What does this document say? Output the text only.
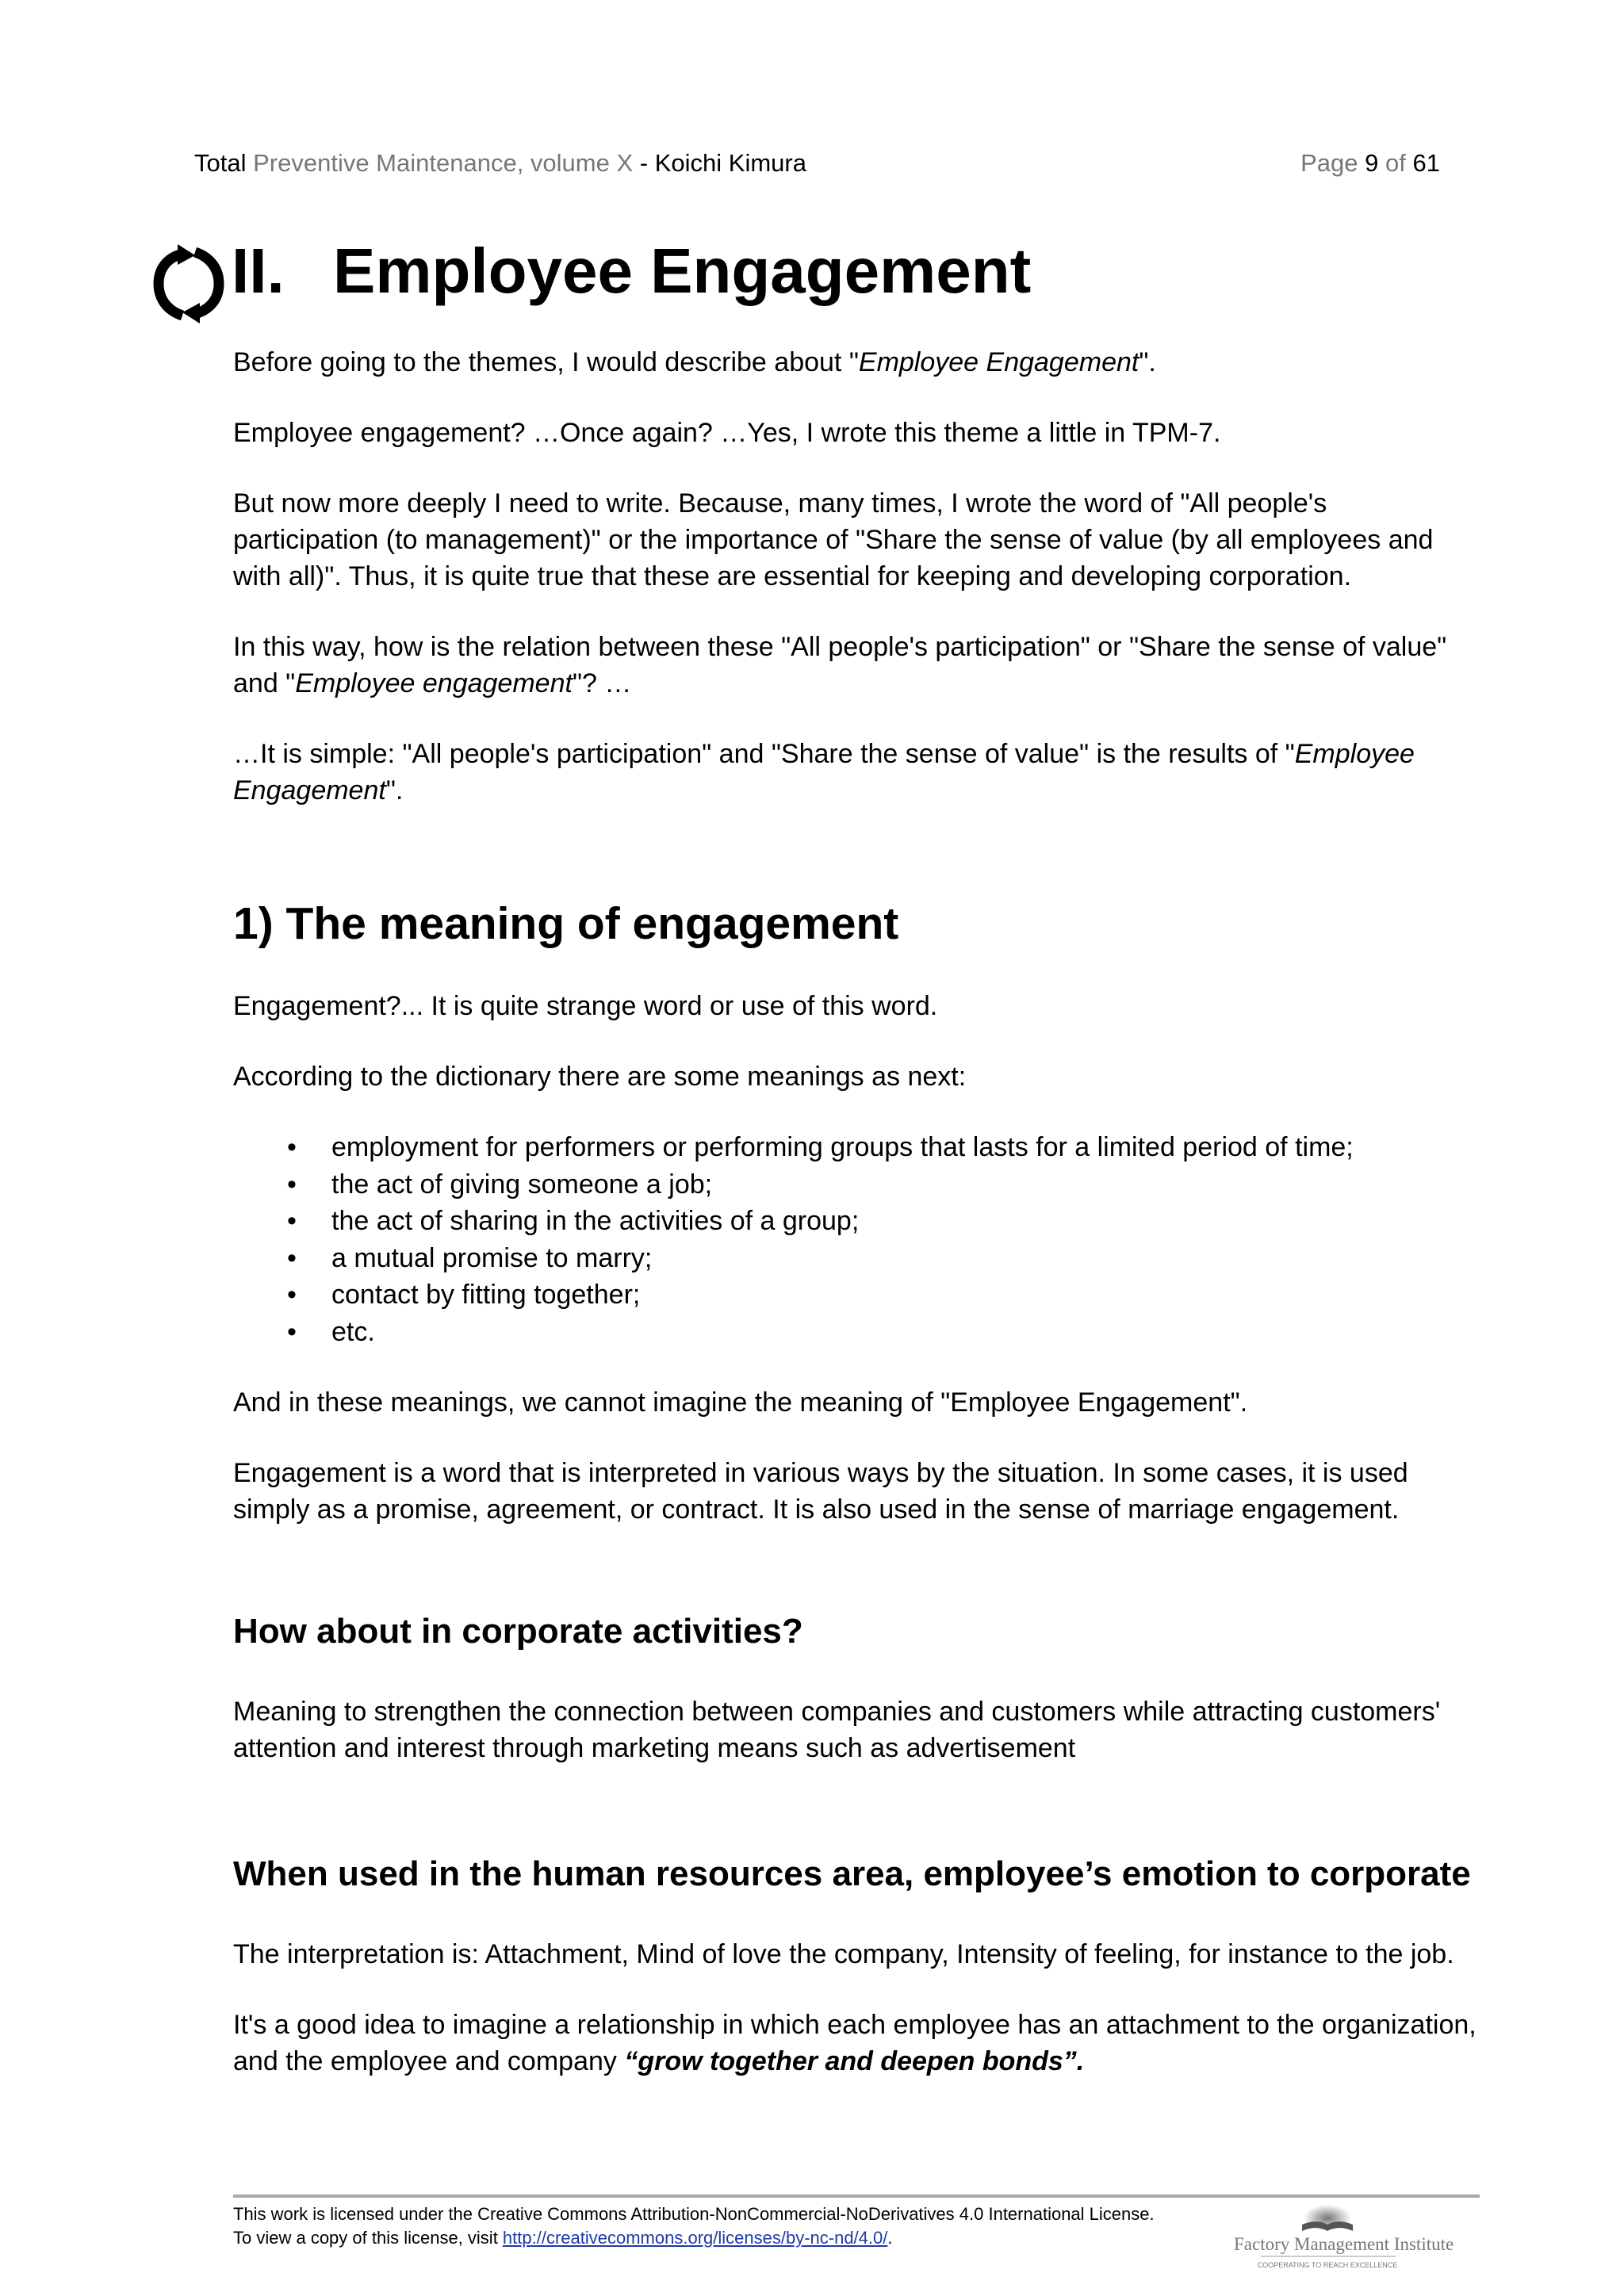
Total Preventive Maintenance, volume X - Koichi Kimura	Page 9 of 61
II. Employee Engagement

Before going to the themes, I would describe about "Employee Engagement".

Employee engagement? …Once again? …Yes, I wrote this theme a little in TPM-7.

But now more deeply I need to write. Because, many times, I wrote the word of "All people's participation (to management)" or the importance of "Share the sense of value (by all employees and with all)". Thus, it is quite true that these are essential for keeping and developing corporation.

In this way, how is the relation between these "All people's participation" or "Share the sense of value" and "Employee engagement"? …

…It is simple: "All people's participation" and "Share the sense of value" is the results of "Employee Engagement".

1) The meaning of engagement

Engagement?... It is quite strange word or use of this word.

According to the dictionary there are some meanings as next:

• employment for performers or performing groups that lasts for a limited period of time;
• the act of giving someone a job;
• the act of sharing in the activities of a group;
• a mutual promise to marry;
• contact by fitting together;
• etc.

And in these meanings, we cannot imagine the meaning of "Employee Engagement".

Engagement is a word that is interpreted in various ways by the situation. In some cases, it is used simply as a promise, agreement, or contract. It is also used in the sense of marriage engagement.

How about in corporate activities?

Meaning to strengthen the connection between companies and customers while attracting customers' attention and interest through marketing means such as advertisement

When used in the human resources area, employee’s emotion to corporate

The interpretation is: Attachment, Mind of love the company, Intensity of feeling, for instance to the job.

It's a good idea to imagine a relationship in which each employee has an attachment to the organization, and the employee and company “grow together and deepen bonds”.

This work is licensed under the Creative Commons Attribution-NonCommercial-NoDerivatives 4.0 International License.
To view a copy of this license, visit http://creativecommons.org/licenses/by-nc-nd/4.0/.	Factory Management Institute
COOPERATING TO REACH EXCELLENCE
